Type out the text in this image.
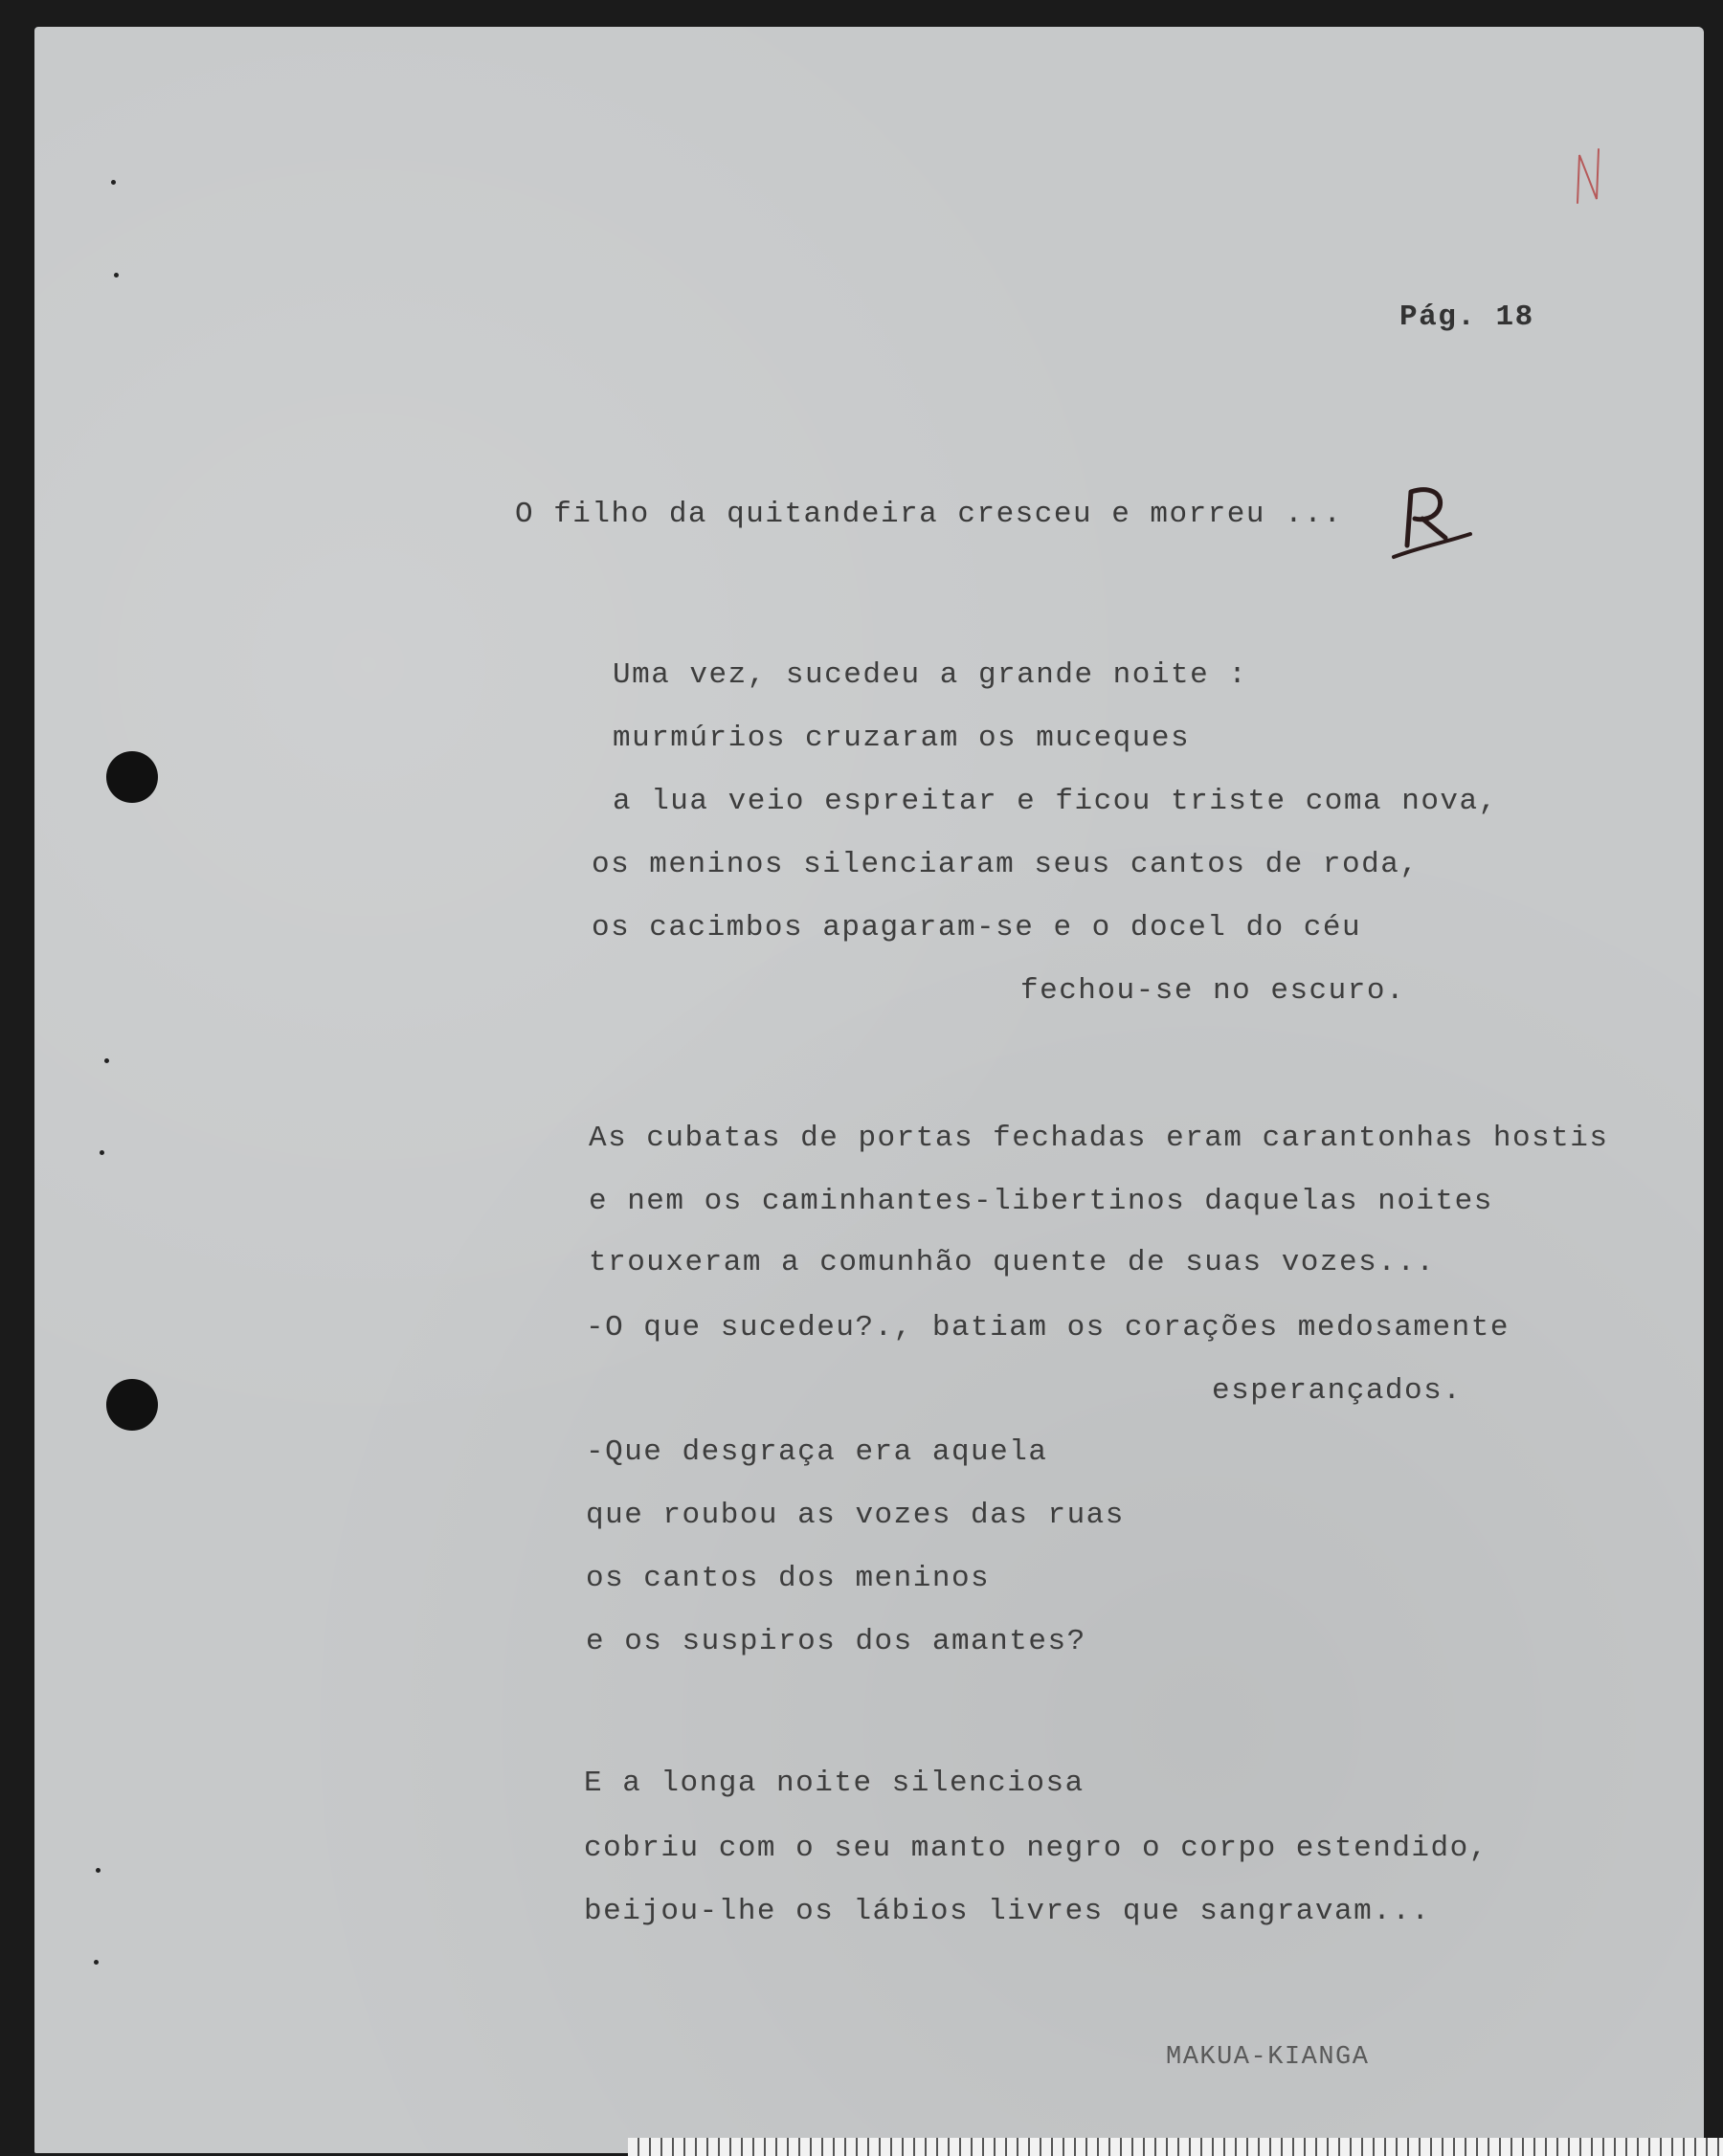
Pág. 18
O filho da quitandeira cresceu e morreu ...
Uma vez, sucedeu a grande noite :
murmúrios cruzaram os muceques
a lua veio espreitar e ficou triste coma nova,
os meninos silenciaram seus cantos de roda,
os cacimbos apagaram-se e o docel do céu
fechou-se no escuro.
As cubatas de portas fechadas eram carantonhas hostis
e nem os caminhantes-libertinos daquelas noites
trouxeram a comunhão quente de suas vozes...
-O que sucedeu?., batiam os corações medosamente
esperançados.
-Que desgraça era aquela
que roubou as vozes das ruas
os cantos dos meninos
e os suspiros dos amantes?
E a longa noite silenciosa
cobriu com o seu manto negro o corpo estendido,
beijou-lhe os lábios livres que sangravam...
MAKUA-KIANGA
